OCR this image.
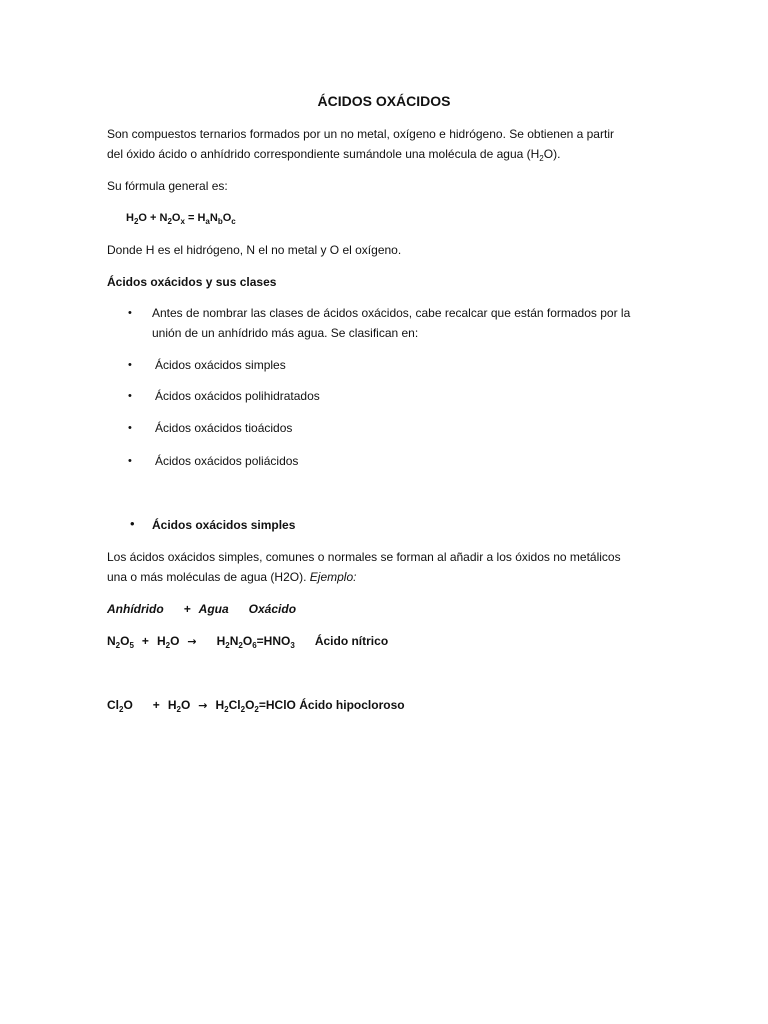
ÁCIDOS OXÁCIDOS
Son compuestos ternarios formados por un no metal, oxígeno e hidrógeno. Se obtienen a partir
del óxido ácido o anhídrido correspondiente sumándole una molécula de agua $(H_2O)$.
Su fórmula general es:
$H_2O + N_2O_x = H_aN_bO_c$
Donde H es el hidrógeno, N el no metal y O el oxígeno.
Ácidos oxácidos y sus clases
• Antes de nombrar las clases de ácidos oxácidos, cabe recalcar que están formados por la
unión de un anhídrido más agua. Se clasifican en:
• Ácidos oxácidos simples
• Ácidos oxácidos polihidratados
• Ácidos oxácidos tioácidos
• Ácidos oxácidos poliácidos
• Ácidos oxácidos simples
Los ácidos oxácidos simples, comunes o normales se forman al añadir a los óxidos no metálicos
una o más moléculas de agua (H2O). Ejemplo:
Anhídrido + Agua Oxácido
$N_2O_5 + H_2O \to H_2N_2O_6=HNO_3$ Ácido nítrico
$Cl_2O + H_2O$ → $H_2Cl_2O_2=HClO$ Ácido hipocloroso
